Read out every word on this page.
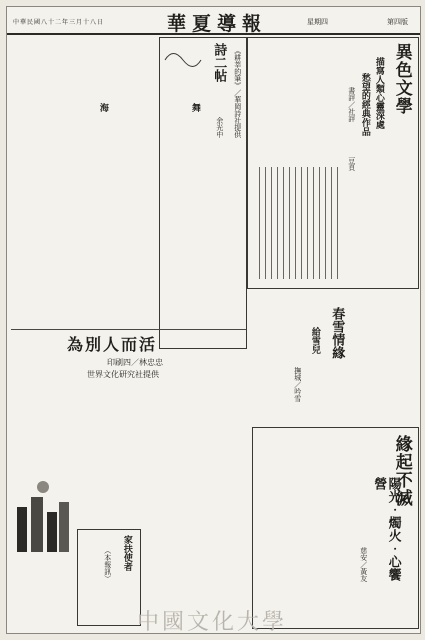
中華民國八十二年三月十八日	華夏導報	星期四	第四版
異色文學
描寫人類心靈深處
愁望的經典作品
書評／社評
豆頁
《耕莘的筆》／華岡詩社提供
詩二帖
余光中
舞
海
春雪情緣
給雪兒
撫城／吟雪
為別人而活
印刷四／林忠忠
世界文化研究社提供
緣起不滅
陽光‧燭火‧心饗營
慈安／黃友
家扶使者
（本報訊）
中國文化大學
